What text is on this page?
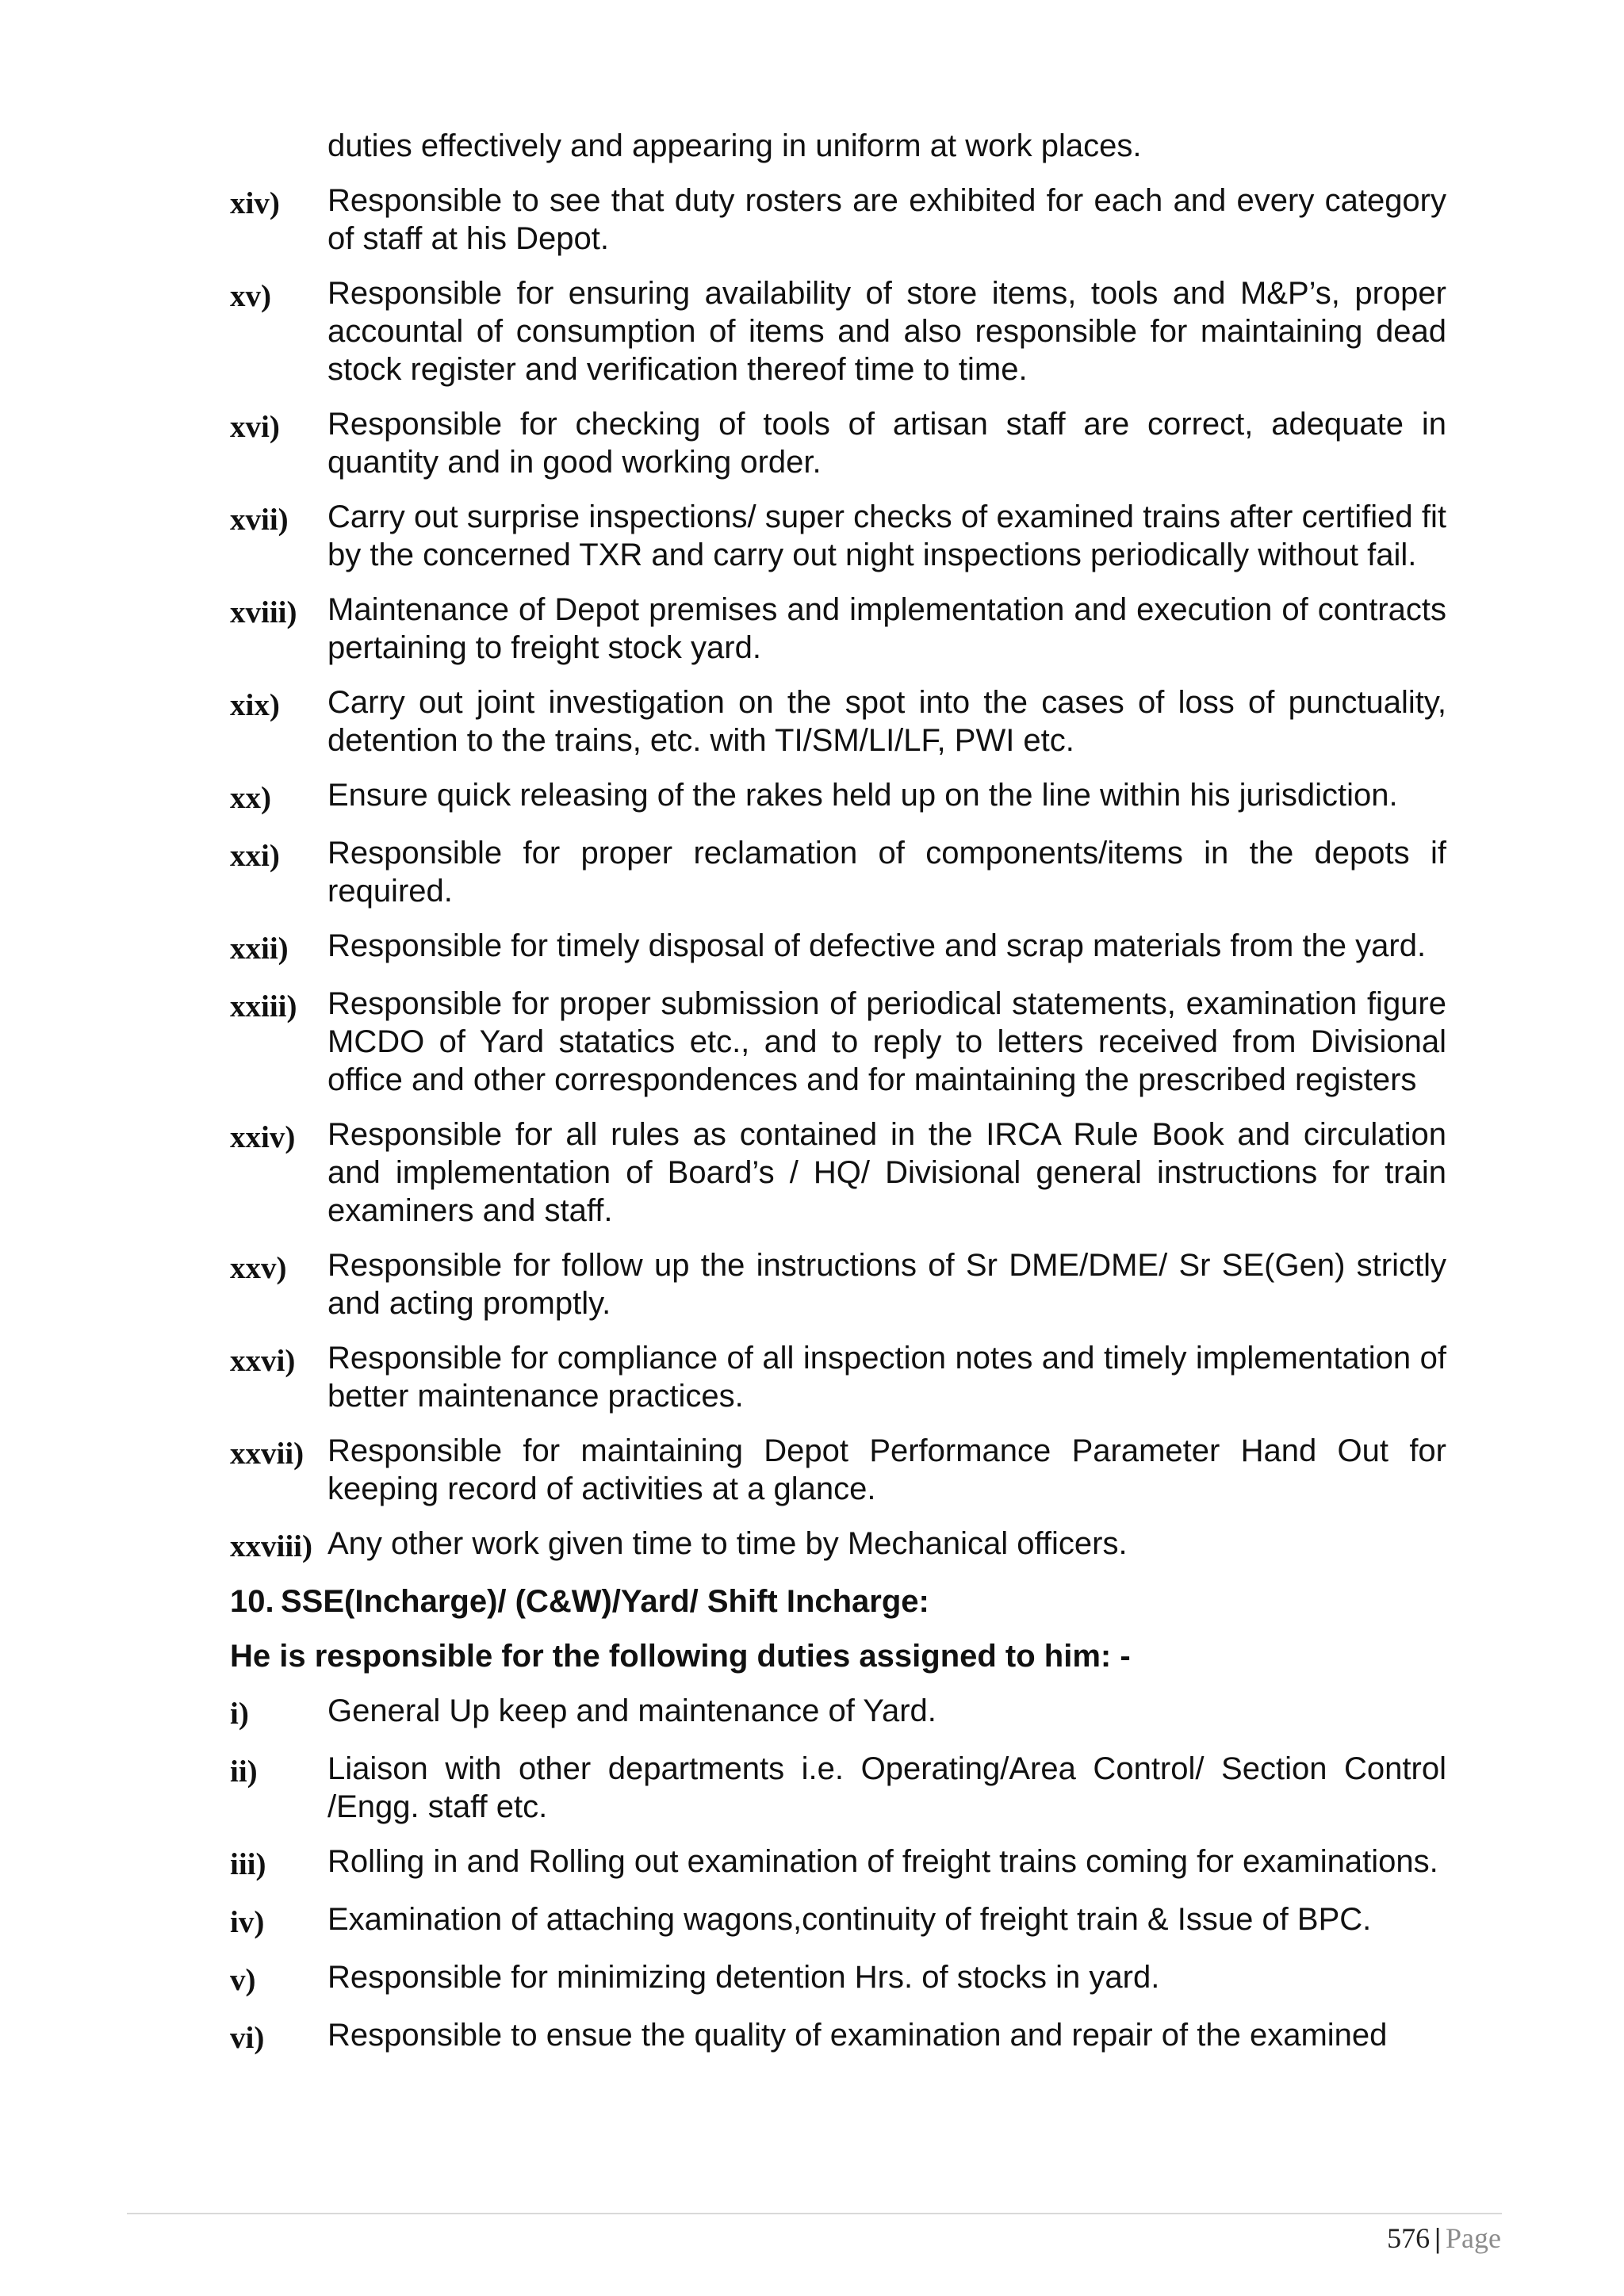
duties effectively and appearing in uniform at work places.
xiv)	Responsible to see that duty rosters are exhibited for each and every category of staff at his Depot.
xv)	Responsible for ensuring availability of store items, tools and M&P’s, proper accountal of consumption of items and also responsible for maintaining dead stock register and verification thereof time to time.
xvi)	Responsible for checking of tools of artisan staff are correct, adequate in quantity and in good working order.
xvii)	Carry out surprise inspections/ super checks of examined trains after certified fit by the concerned TXR and carry out night inspections periodically without fail.
xviii) Maintenance of Depot premises and implementation and execution of contracts pertaining to freight stock yard.
xix)	Carry out joint investigation on the spot into the cases of loss of punctuality, detention to the trains, etc. with TI/SM/LI/LF, PWI etc.
xx)	Ensure quick releasing of the rakes held up on the line within his jurisdiction.
xxi)	Responsible for proper reclamation of components/items in the depots if required.
xxii)	Responsible for timely disposal of defective and scrap materials from the yard.
xxiii) Responsible for proper submission of periodical statements, examination figure MCDO of Yard statatics etc., and to reply to letters received from Divisional office and other correspondences and for maintaining the prescribed registers
xxiv)	Responsible for all rules as contained in the IRCA Rule Book and circulation and implementation of Board’s / HQ/ Divisional general instructions for train examiners and staff.
xxv)	Responsible for follow up the instructions of Sr DME/DME/ Sr SE(Gen) strictly and acting promptly.
xxvi)	Responsible for compliance of all inspection notes and timely implementation of better maintenance practices.
xxvii) Responsible for maintaining Depot Performance Parameter Hand Out for keeping record of activities at a glance.
xxviii) Any other work given time to time by Mechanical officers.
10. SSE(Incharge)/ (C&W)/Yard/ Shift Incharge:
He is responsible for the following duties assigned to him: -
i)	General Up keep and maintenance of Yard.
ii)	Liaison with other departments i.e. Operating/Area Control/ Section Control /Engg. staff etc.
iii)	Rolling in and Rolling out examination of freight trains coming for examinations.
iv)	Examination of attaching wagons,continuity of freight train & Issue of BPC.
v)	Responsible for minimizing detention Hrs. of stocks in yard.
vi)	Responsible to ensue the quality of examination and repair of the examined
576 | Page
